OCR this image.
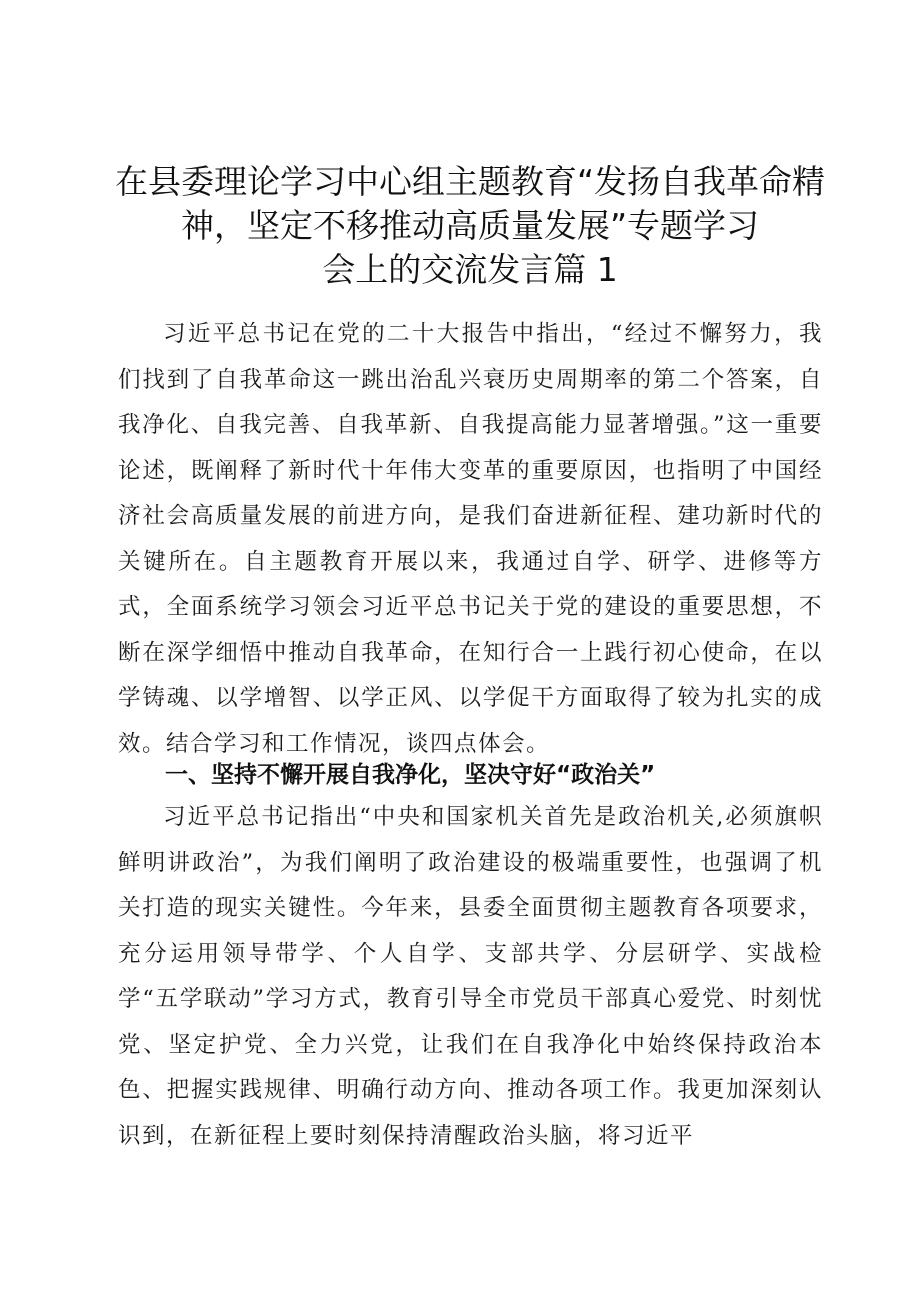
在县委理论学习中心组主题教育“发扬自我革命精
神，坚定不移推动高质量发展”专题学习
会上的交流发言篇 1

习近平总书记在党的二十大报告中指出，“经过不懈努力，我们找到了自我革命这一跳出治乱兴衰历史周期率的第二个答案，自我净化、自我完善、自我革新、自我提高能力显著增强。”这一重要论述，既阐释了新时代十年伟大变革的重要原因，也指明了中国经济社会高质量发展的前进方向，是我们奋进新征程、建功新时代的关键所在。自主题教育开展以来，我通过自学、研学、进修等方式，全面系统学习领会习近平总书记关于党的建设的重要思想，不断在深学细悟中推动自我革命，在知行合一上践行初心使命，在以学铸魂、以学增智、以学正风、以学促干方面取得了较为扎实的成效。结合学习和工作情况，谈四点体会。

一、坚持不懈开展自我净化，坚决守好“政治关”

习近平总书记指出“中央和国家机关首先是政治机关,必须旗帜鲜明讲政治”，为我们阐明了政治建设的极端重要性，也强调了机关打造的现实关键性。今年来，县委全面贯彻主题教育各项要求，充分运用领导带学、个人自学、支部共学、分层研学、实战检学“五学联动”学习方式，教育引导全市党员干部真心爱党、时刻忧党、坚定护党、全力兴党，让我们在自我净化中始终保持政治本色、把握实践规律、明确行动方向、推动各项工作。我更加深刻认识到，在新征程上要时刻保持清醒政治头脑，将习近平
